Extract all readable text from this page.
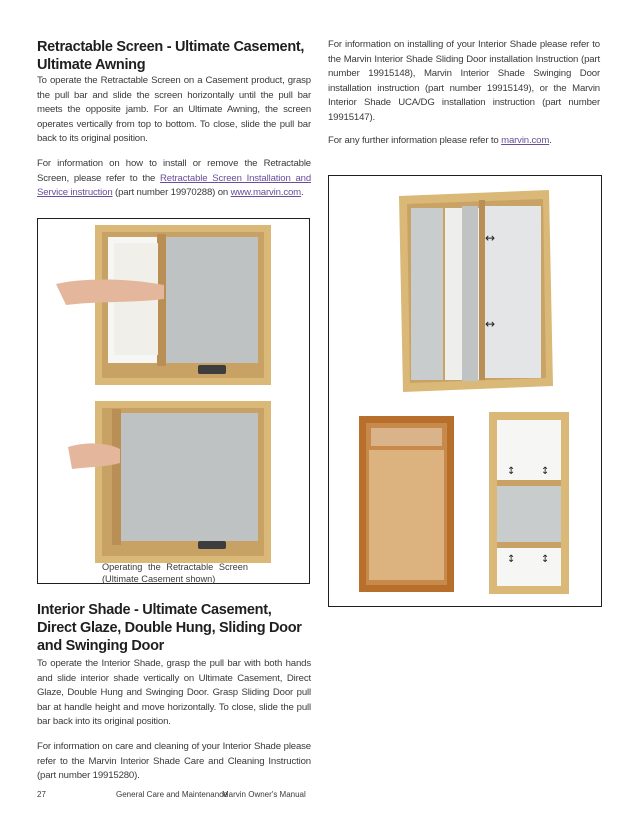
Retractable Screen - Ultimate Casement, Ultimate Awning

To operate the Retractable Screen on a Casement product, grasp the pull bar and slide the screen horizontally until the pull bar meets the opposite jamb. For an Ultimate Awning, the screen operates vertically from top to bottom. To close, slide the pull bar back to its original position.

For information on how to install or remove the Retractable Screen, please refer to the Retractable Screen Installation and Service instruction (part number 19970288) on www.marvin.com.

Operating the Retractable Screen (Ultimate Casement shown)
Interior Shade - Ultimate Casement, Direct Glaze, Double Hung, Sliding Door and Swinging Door

To operate the Interior Shade, grasp the pull bar with both hands and slide interior shade vertically on Ultimate Casement, Direct Glaze, Double Hung and Swinging Door. Grasp Sliding Door pull bar at handle height and move horizontally. To close, slide the pull bar back into its original position.

For information on care and cleaning of your Interior Shade please refer to the Marvin Interior Shade Care and Cleaning Instruction (part number 19915280).

27	General Care and Maintenance
Marvin Owner's Manual

For information on installing of your Interior Shade please refer to the Marvin Interior Shade Sliding Door installation Instruction (part number 19915148), Marvin Interior Shade Swinging Door installation instruction (part number 19915149), or the Marvin Interior Shade UCA/DG installation instruction (part number 19915147).

For any further information please refer to marvin.com.

↔
↔
↕	↕
↕	↕
